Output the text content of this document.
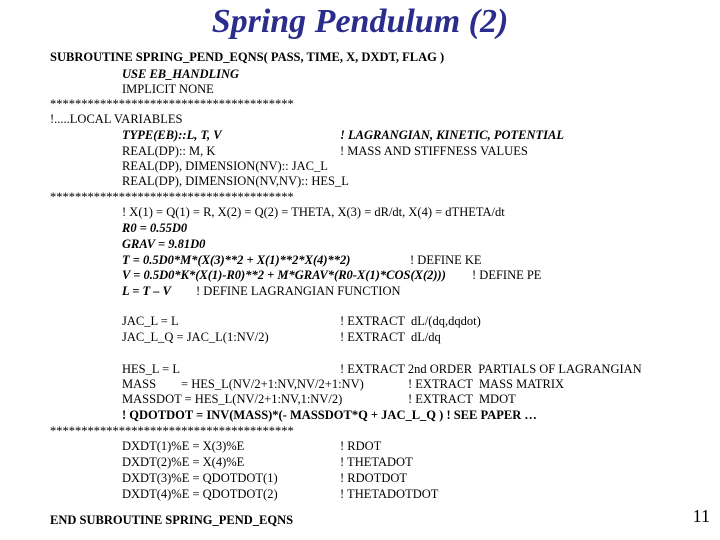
Spring Pendulum (2)
SUBROUTINE SPRING_PEND_EQNS( PASS, TIME, X, DXDT, FLAG )
USE EB_HANDLING
IMPLICIT NONE
***************************************
!.....LOCAL VARIABLES
TYPE(EB)::L, T, V	! LAGRANGIAN, KINETIC, POTENTIAL
REAL(DP):: M, K	! MASS AND STIFFNESS VALUES
REAL(DP), DIMENSION(NV):: JAC_L
REAL(DP), DIMENSION(NV,NV):: HES_L
***************************************
! X(1) = Q(1) = R, X(2) = Q(2) = THETA, X(3) = dR/dt, X(4) = dTHETA/dt
R0 = 0.55D0
GRAV = 9.81D0
T = 0.5D0*M*(X(3)**2 + X(1)**2*X(4)**2)	! DEFINE KE
V = 0.5D0*K*(X(1)-R0)**2 + M*GRAV*(R0-X(1)*COS(X(2))) ! DEFINE PE
L = T – V ! DEFINE LAGRANGIAN FUNCTION
JAC_L = L	! EXTRACT  dL/(dq,dqdot)
JAC_L_Q = JAC_L(1:NV/2)	! EXTRACT  dL/dq
HES_L = L	! EXTRACT 2nd ORDER  PARTIALS OF LAGRANGIAN
MASS        = HES_L(NV/2+1:NV,NV/2+1:NV)	! EXTRACT  MASS MATRIX
MASSDOT = HES_L(NV/2+1:NV,1:NV/2)	! EXTRACT  MDOT
! QDOTDOT = INV(MASS)*(- MASSDOT*Q + JAC_L_Q ) ! SEE PAPER …
***************************************
DXDT(1)%E = X(3)%E	! RDOT
DXDT(2)%E = X(4)%E	! THETADOT
DXDT(3)%E = QDOTDOT(1)	! RDOTDOT
DXDT(4)%E = QDOTDOT(2)	! THETADOTDOT
END SUBROUTINE SPRING_PEND_EQNS	11
